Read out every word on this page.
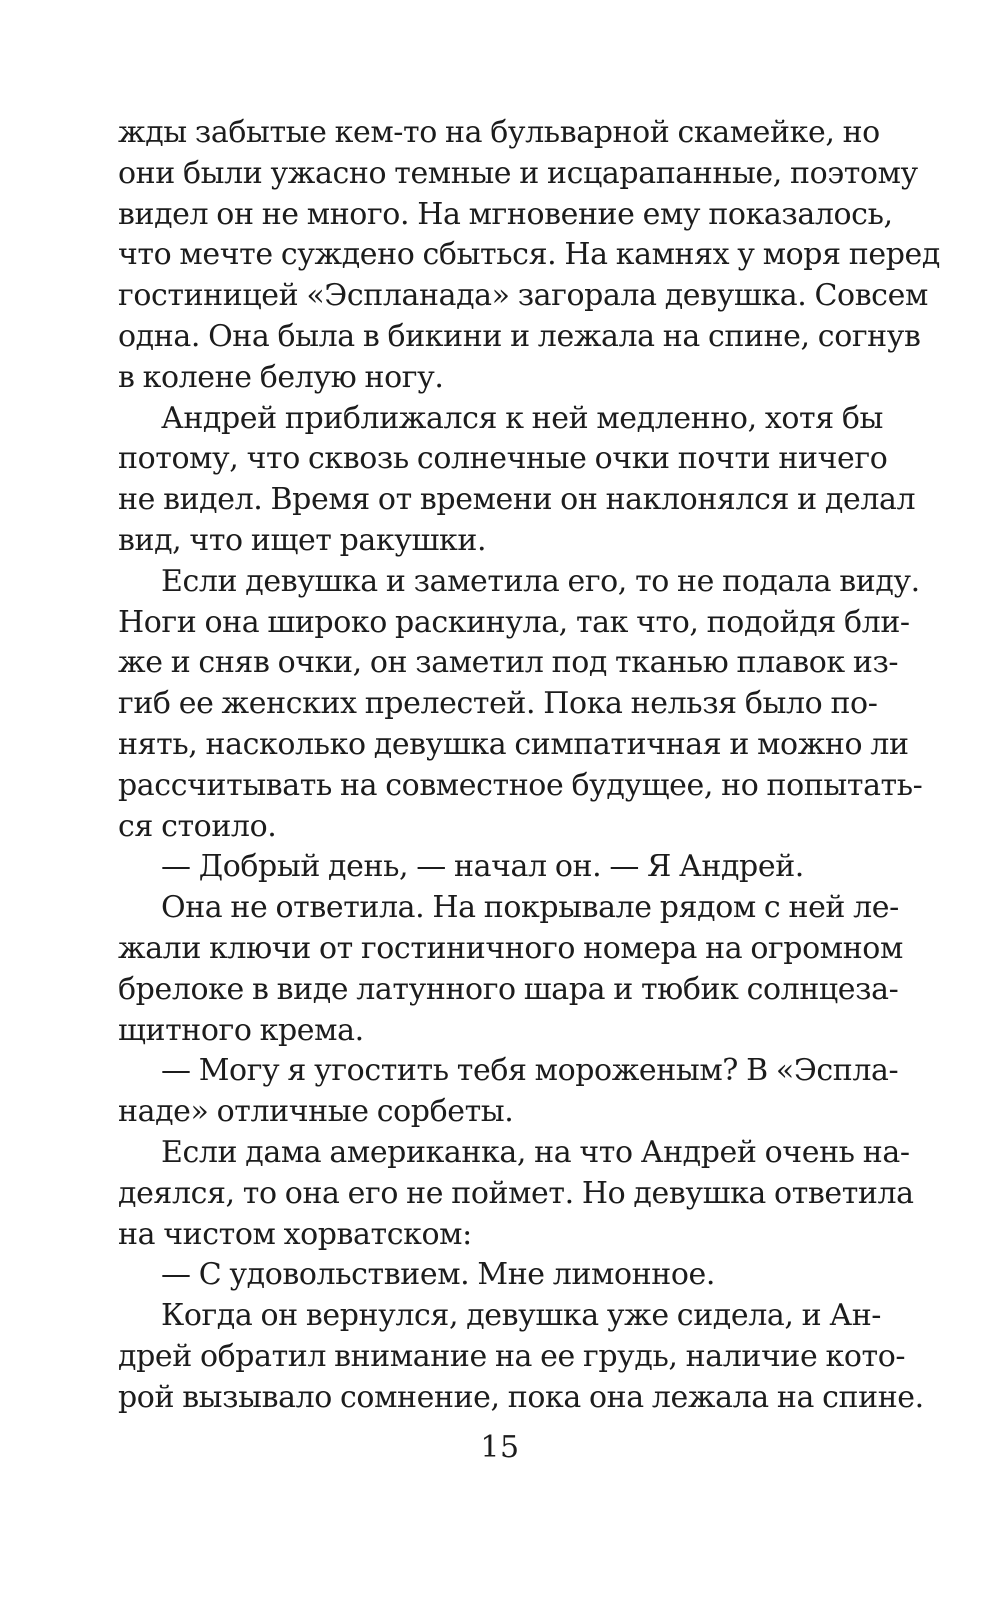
жды забытые кем-то на бульварной скамейке, но
они были ужасно темные и исцарапанные, поэтому
видел он не много. На мгновение ему показалось,
что мечте суждено сбыться. На камнях у моря перед
гостиницей «Эспланада» загорала девушка. Совсем
одна. Она была в бикини и лежала на спине, согнув
в колене белую ногу.
Андрей приближался к ней медленно, хотя бы
потому, что сквозь солнечные очки почти ничего
не видел. Время от времени он наклонялся и делал
вид, что ищет ракушки.
Если девушка и заметила его, то не подала виду.
Ноги она широко раскинула, так что, подойдя бли-
же и сняв очки, он заметил под тканью плавок из-
гиб ее женских прелестей. Пока нельзя было по-
нять, насколько девушка симпатичная и можно ли
рассчитывать на совместное будущее, но попытать-
ся стоило.
— Добрый день, — начал он. — Я Андрей.
Она не ответила. На покрывале рядом с ней ле-
жали ключи от гостиничного номера на огромном
брелоке в виде латунного шара и тюбик солнцеза-
щитного крема.
— Могу я угостить тебя мороженым? В «Эспла-
наде» отличные сорбеты.
Если дама американка, на что Андрей очень на-
деялся, то она его не поймет. Но девушка ответила
на чистом хорватском:
— С удовольствием. Мне лимонное.
Когда он вернулся, девушка уже сидела, и Ан-
дрей обратил внимание на ее грудь, наличие кото-
рой вызывало сомнение, пока она лежала на спине.
15
